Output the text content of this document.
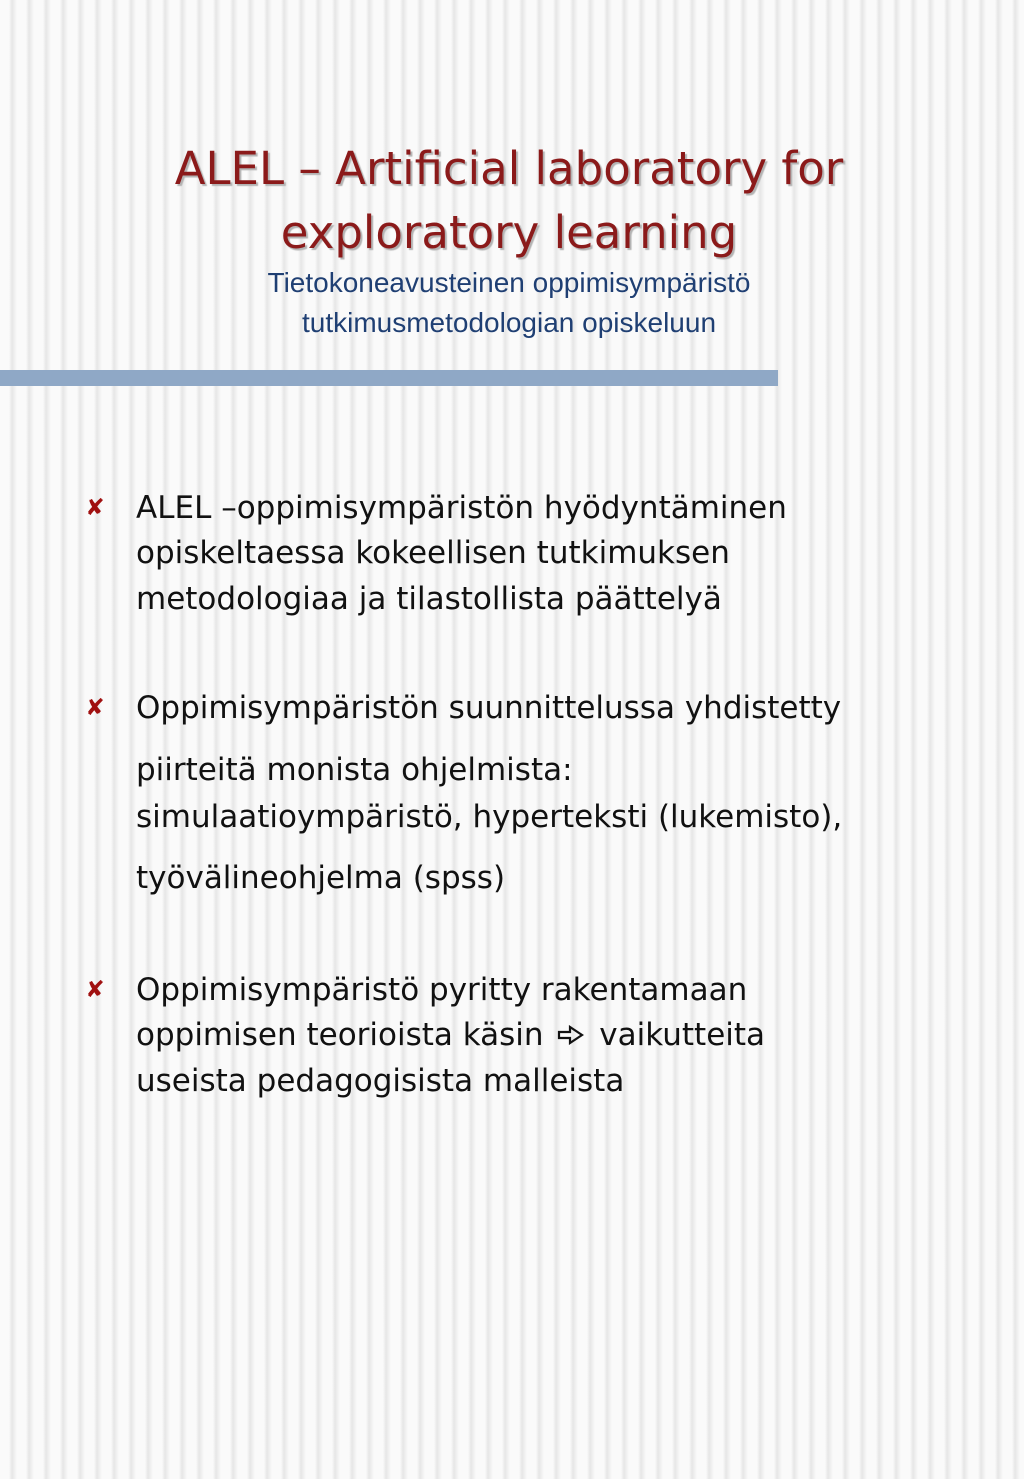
ALEL – Artificial laboratory for
exploratory learning
Tietokoneavusteinen oppimisympäristö
tutkimusmetodologian opiskeluun
✘ ALEL –oppimisympäristön hyödyntäminen
opiskeltaessa kokeellisen tutkimuksen
metodologiaa ja tilastollista päättelyä
✘ Oppimisympäristön suunnittelussa yhdistetty
piirteitä monista ohjelmista:
simulaatioympäristö, hyperteksti (lukemisto),
työvälineohjelma (spss)
✘ Oppimisympäristö pyritty rakentamaan
oppimisen teorioista käsin vaikutteita
useista pedagogisista malleista
